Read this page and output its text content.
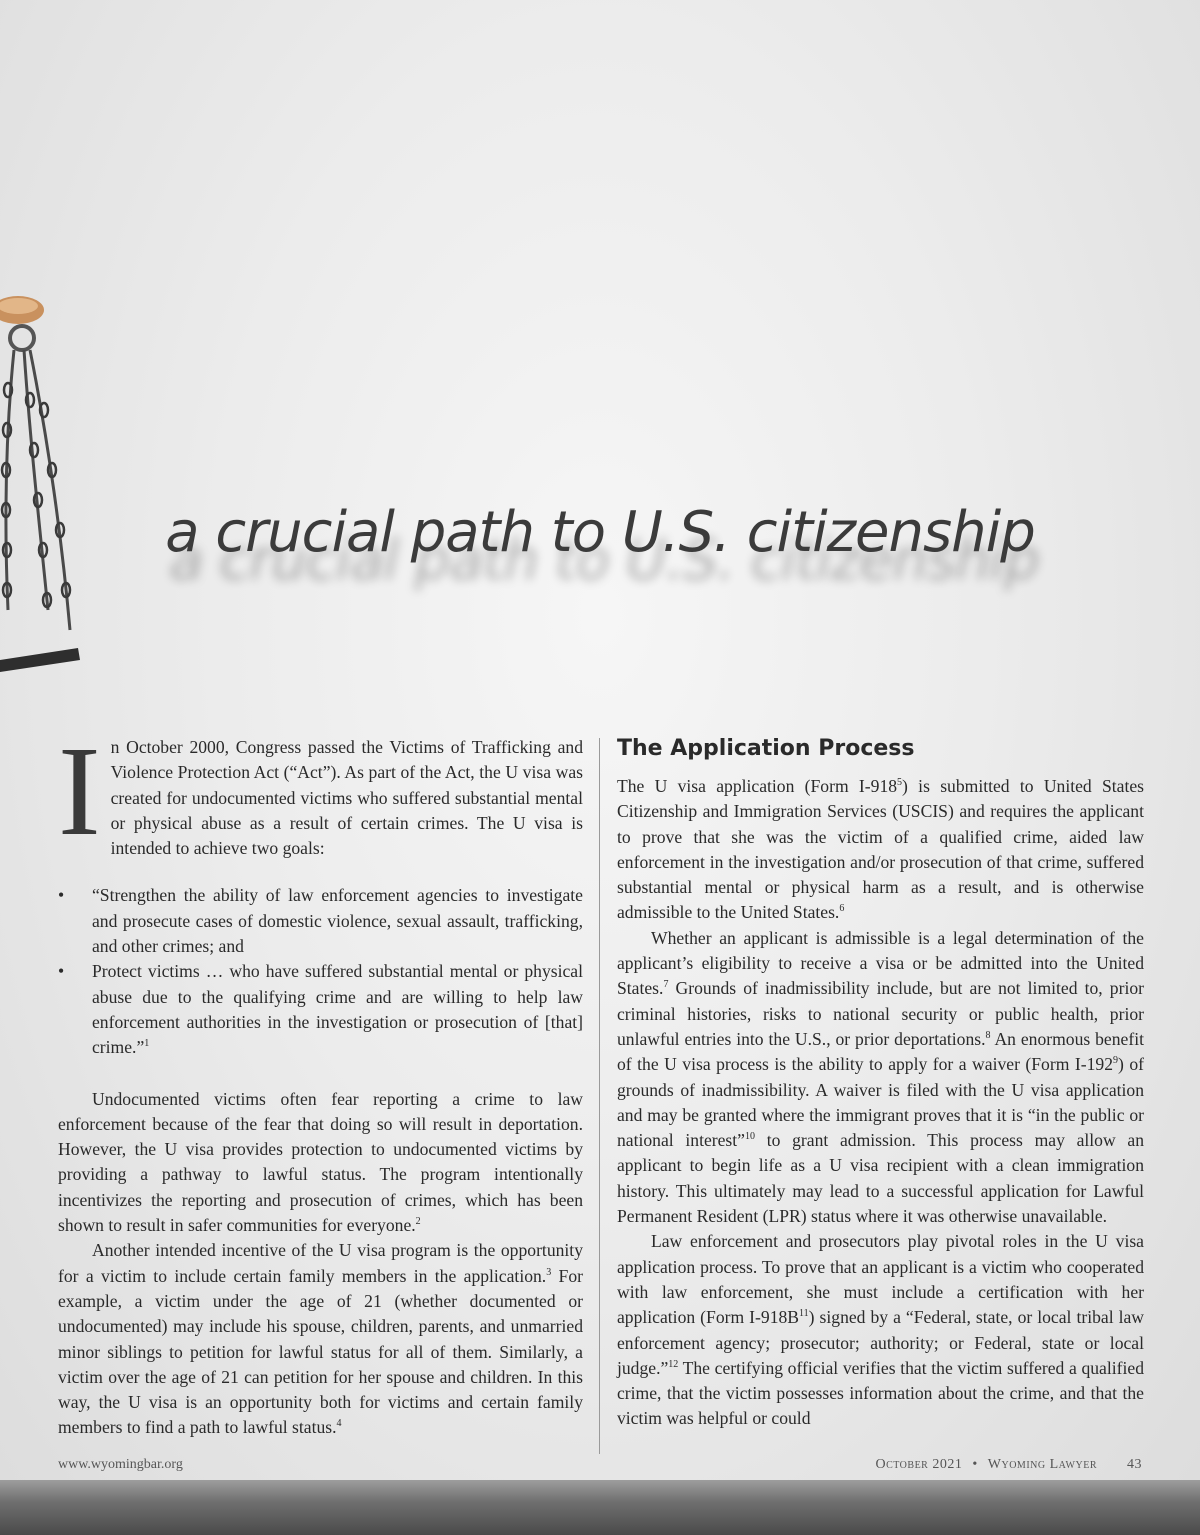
a crucial path to U.S. citizenship

In October 2000, Congress passed the Victims of Trafficking and Violence Protection Act (“Act”). As part of the Act, the U visa was created for undocumented victims who suffered substantial mental or physical abuse as a result of certain crimes. The U visa is intended to achieve two goals:

• “Strengthen the ability of law enforcement agencies to investigate and prosecute cases of domestic violence, sexual assault, trafficking, and other crimes; and
• Protect victims … who have suffered substantial mental or physical abuse due to the qualifying crime and are willing to help law enforcement authorities in the investigation or prosecution of [that] crime.”$^1$

Undocumented victims often fear reporting a crime to law enforcement because of the fear that doing so will result in deportation. However, the U visa provides protection to undocumented victims by providing a pathway to lawful status. The program intentionally incentivizes the reporting and prosecution of crimes, which has been shown to result in safer communities for everyone.$^2$

Another intended incentive of the U visa program is the opportunity for a victim to include certain family members in the application.$^3$ For example, a victim under the age of 21 (whether documented or undocumented) may include his spouse, children, parents, and unmarried minor siblings to petition for lawful status for all of them. Similarly, a victim over the age of 21 can petition for her spouse and children. In this way, the U visa is an opportunity both for victims and certain family members to find a path to lawful status.$^4$

The Application Process

The U visa application (Form $I-918^5$) is submitted to United States Citizenship and Immigration Services (USCIS) and requires the applicant to prove that she was the victim of a qualified crime, aided law enforcement in the investigation and/or prosecution of that crime, suffered substantial mental or physical harm as a result, and is otherwise admissible to the United States.$^6$

Whether an applicant is admissible is a legal determination of the applicant’s eligibility to receive a visa or be admitted into the United States.$^7$ Grounds of inadmissibility include, but are not limited to, prior criminal histories, risks to national security or public health, prior unlawful entries into the U.S., or prior deportations.$^8$ An enormous benefit of the U visa process is the ability to apply for a waiver (Form $I-192^9$) of grounds of inadmissibility. A waiver is filed with the U visa application and may be granted where the immigrant proves that it is “in the public or national interest”$^{10}$ to grant admission. This process may allow an applicant to begin life as a U visa recipient with a clean immigration history. This ultimately may lead to a successful application for Lawful Permanent Resident (LPR) status where it was otherwise unavailable.

Law enforcement and prosecutors play pivotal roles in the U visa application process. To prove that an applicant is a victim who cooperated with law enforcement, she must include a certification with her application (Form $I-918B^{11}$) signed by a “Federal, state, or local tribal law enforcement agency; prosecutor; authority; or Federal, state or local judge.”$^{12}$ The certifying official verifies that the victim suffered a qualified crime, that the victim possesses information about the crime, and that the victim was helpful or could

www.wyomingbar.org	October 2021 • Wyoming Lawyer 43
